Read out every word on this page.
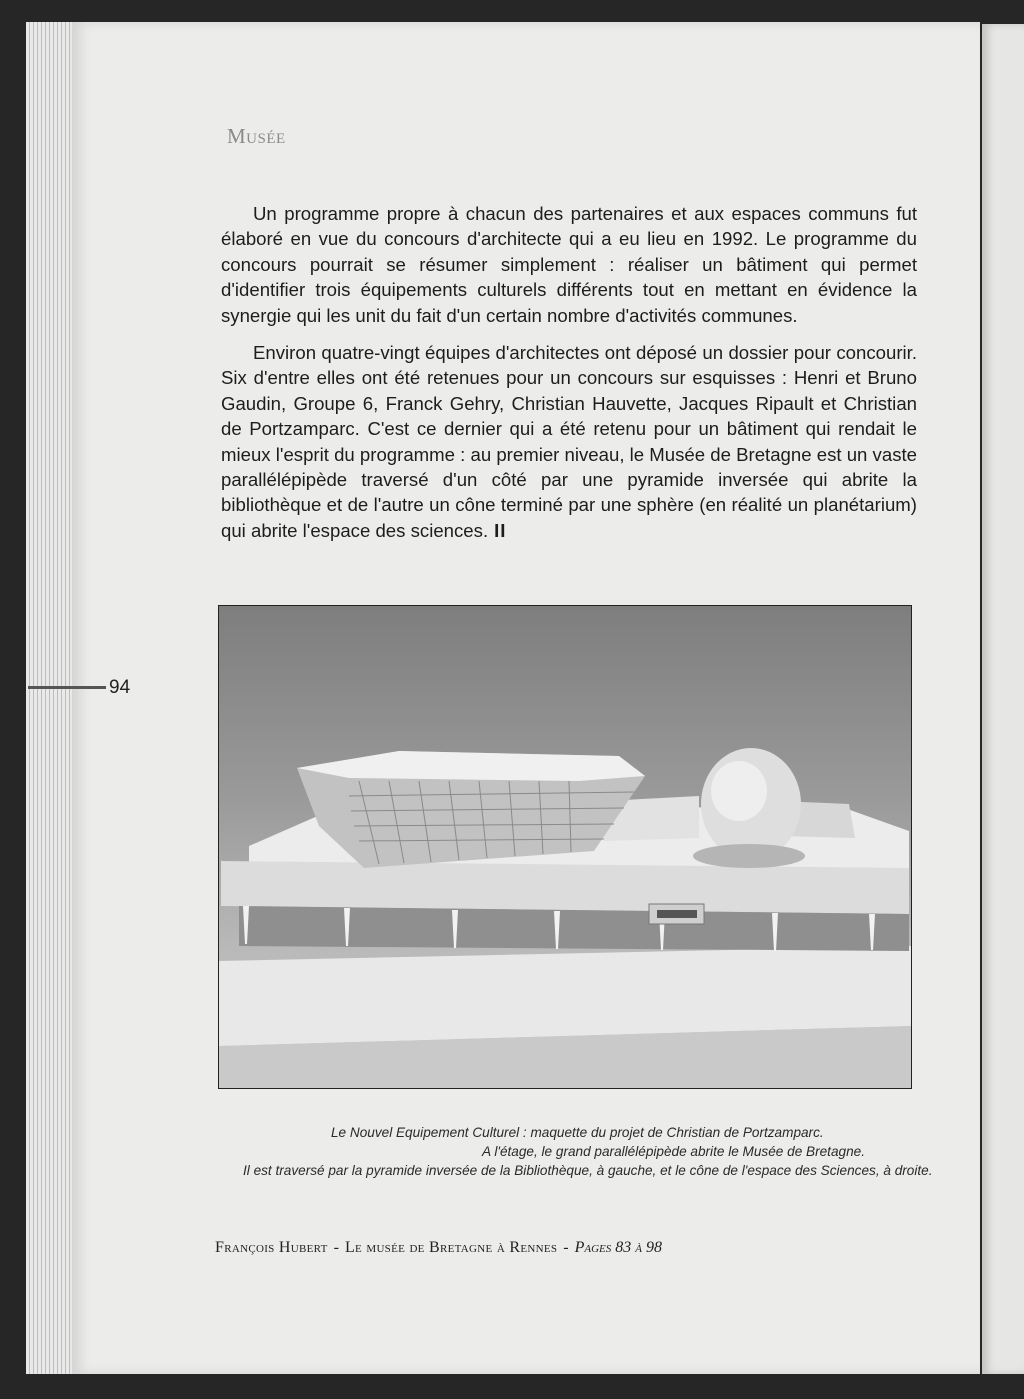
Musée

Un programme propre à chacun des partenaires et aux espaces communs fut élaboré en vue du concours d'architecte qui a eu lieu en 1992. Le programme du concours pourrait se résumer simplement : réaliser un bâtiment qui permet d'identifier trois équipements culturels différents tout en mettant en évidence la synergie qui les unit du fait d'un certain nombre d'activités communes.

Environ quatre-vingt équipes d'architectes ont déposé un dossier pour concourir. Six d'entre elles ont été retenues pour un concours sur esquisses : Henri et Bruno Gaudin, Groupe 6, Franck Gehry, Christian Hauvette, Jacques Ripault et Christian de Portzamparc. C'est ce dernier qui a été retenu pour un bâtiment qui rendait le mieux l'esprit du programme : au premier niveau, le Musée de Bretagne est un vaste parallélépipède traversé d'un côté par une pyramide inversée qui abrite la bibliothèque et de l'autre un cône terminé par une sphère (en réalité un planétarium) qui abrite l'espace des sciences. II

94
Le Nouvel Equipement Culturel : maquette du projet de Christian de Portzamparc.
A l'étage, le grand parallélépipède abrite le Musée de Bretagne.
Il est traversé par la pyramide inversée de la Bibliothèque, à gauche, et le cône de l'espace des Sciences, à droite.
François Hubert - Le musée de Bretagne à Rennes - Pages 83 à 98
